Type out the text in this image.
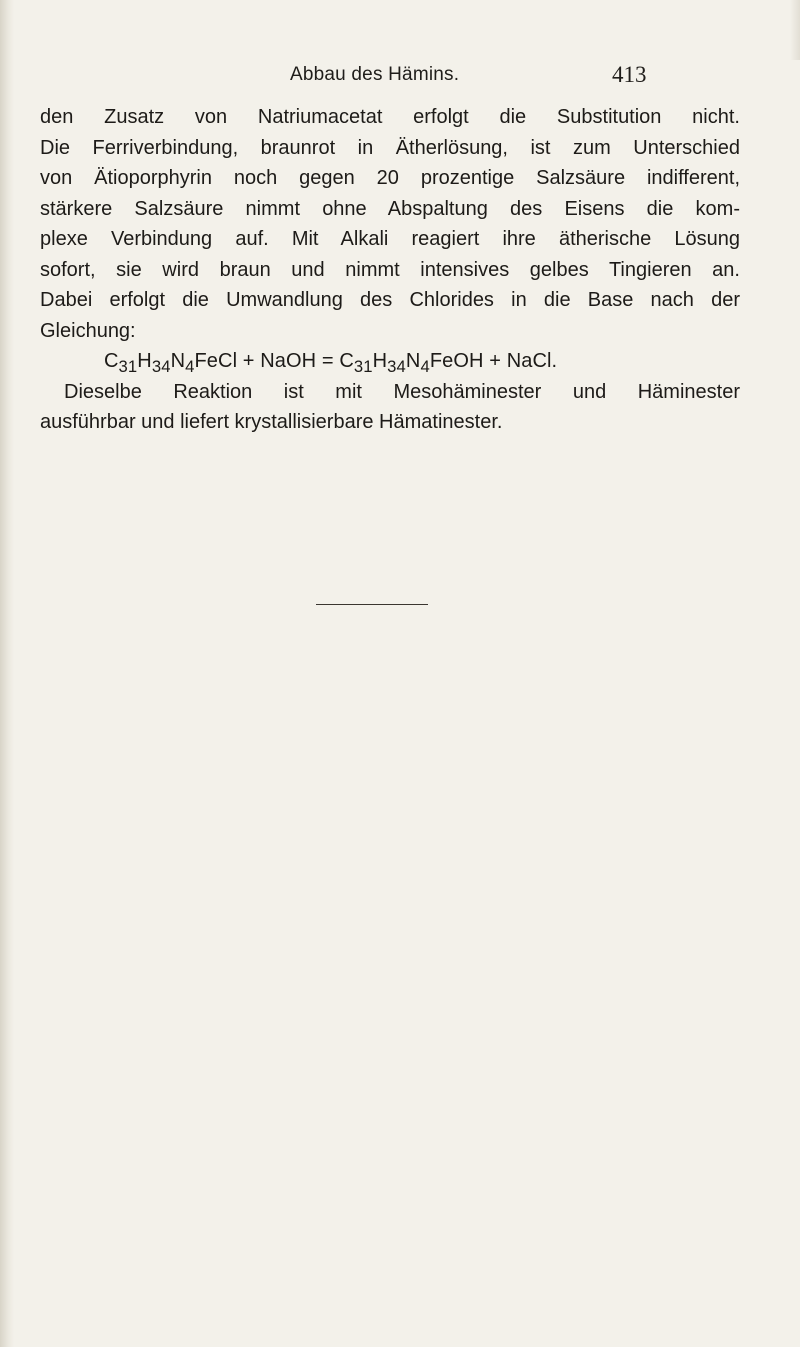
Abbau des Hämins.	413
den Zusatz von Natriumacetat erfolgt die Substitution nicht.
Die Ferriverbindung, braunrot in Ätherlösung, ist zum Unterschied
von Ätioporphyrin noch gegen 20 prozentige Salzsäure indifferent,
stärkere Salzsäure nimmt ohne Abspaltung des Eisens die kom-
plexe Verbindung auf. Mit Alkali reagiert ihre ätherische Lösung
sofort, sie wird braun und nimmt intensives gelbes Tingieren an.
Dabei erfolgt die Umwandlung des Chlorides in die Base nach der
Gleichung:
$C_{31}H_{34}N_4FeCl$ + NaOH = $C_{31}H_{34}N_4FeOH$ + NaCl.
Dieselbe Reaktion ist mit Mesohäminester und Häminester
ausführbar und liefert krystallisierbare Hämatinester.
